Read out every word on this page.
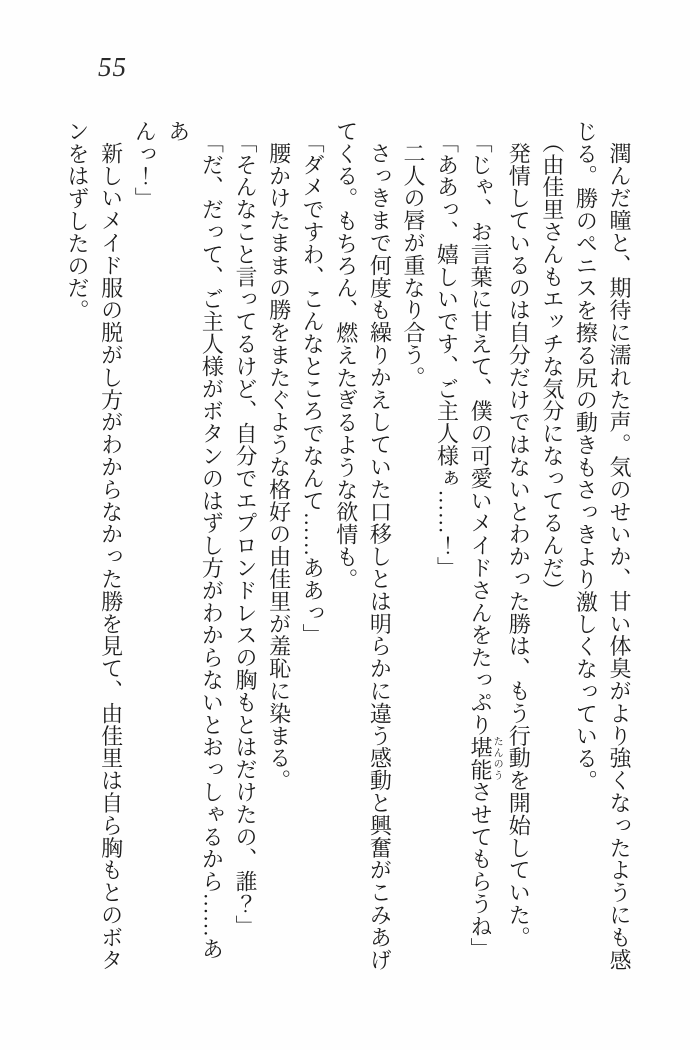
55

潤んだ瞳と、期待に濡れた声。気のせいか、甘い体臭がより強くなったようにも感

じる。勝のペニスを擦る尻の動きもさっきより激しくなっている。

（由佳里さんもエッチな気分になってるんだ）

発情しているのは自分だけではないとわかった勝は、もう行動を開始していた。

「じゃ、お言葉に甘えて、僕の可愛いメイドさんをたっぷり堪能たんのうさせてもらうね」

「ああっ、嬉しいです、ご主人様ぁ……！」

二人の唇が重なり合う。

さっきまで何度も繰りかえしていた口移しとは明らかに違う感動と興奮がこみあげ

てくる。もちろん、燃えたぎるような欲情も。

「ダメですわ、こんなところでなんて……ああっ」

腰かけたままの勝をまたぐような格好の由佳里が羞恥に染まる。

「そんなこと言ってるけど、自分でエプロンドレスの胸もとはだけたの、誰？」

「だ、だって、ご主人様がボタンのはずし方がわからないとおっしゃるから……ああ

んっ！」

新しいメイド服の脱がし方がわからなかった勝を見て、由佳里は自ら胸もとのボタ

ンをはずしたのだ。
